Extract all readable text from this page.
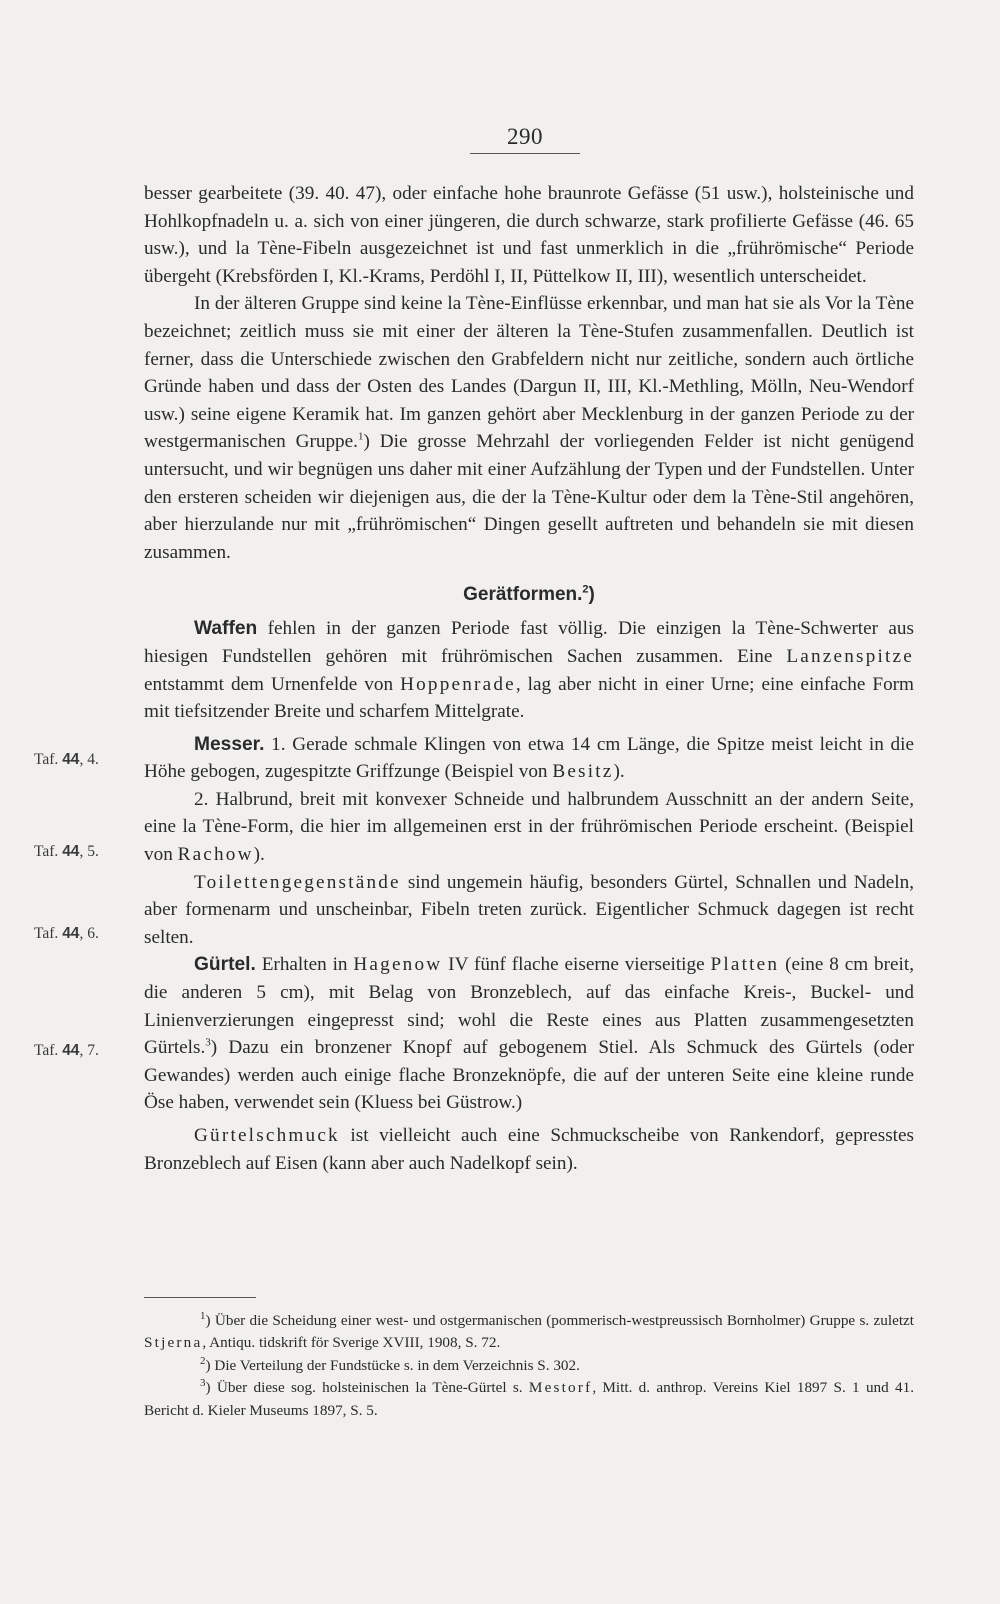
290

besser gearbeitete (39. 40. 47), oder einfache hohe braunrote Gefässe (51 usw.), holsteinische und Hohlkopfnadeln u. a. sich von einer jüngeren, die durch schwarze, stark profilierte Gefässe (46. 65 usw.), und la Tène-Fibeln ausgezeichnet ist und fast unmerklich in die „frührömische“ Periode übergeht (Krebsförden I, Kl.-Krams, Perdöhl I, II, Püttelkow II, III), wesentlich unterscheidet.

In der älteren Gruppe sind keine la Tène-Einflüsse erkennbar, und man hat sie als Vor la Tène bezeichnet; zeitlich muss sie mit einer der älteren la Tène-Stufen zusammenfallen. Deutlich ist ferner, dass die Unterschiede zwischen den Grabfeldern nicht nur zeitliche, sondern auch örtliche Gründe haben und dass der Osten des Landes (Dargun II, III, Kl.-Methling, Mölln, Neu-Wendorf usw.) seine eigene Keramik hat. Im ganzen gehört aber Mecklenburg in der ganzen Periode zu der westgermanischen Gruppe.$^1$) Die grosse Mehrzahl der vorliegenden Felder ist nicht genügend untersucht, und wir begnügen uns daher mit einer Aufzählung der Typen und der Fundstellen. Unter den ersteren scheiden wir diejenigen aus, die der la Tène-Kultur oder dem la Tène-Stil angehören, aber hierzulande nur mit „frührömischen“ Dingen gesellt auftreten und behandeln sie mit diesen zusammen.

Gerätformen.$^2$)

Waffen fehlen in der ganzen Periode fast völlig. Die einzigen la Tène-Schwerter aus hiesigen Fundstellen gehören mit frührömischen Sachen zusammen. Eine Lanzenspitze entstammt dem Urnenfelde von Hoppenrade, lag aber nicht in einer Urne; eine einfache Form mit tiefsitzender Breite und scharfem Mittelgrate.

Messer. 1. Gerade schmale Klingen von etwa 14 cm Länge, die Spitze meist leicht in die Höhe gebogen, zugespitzte Griffzunge (Beispiel von Besitz).
2. Halbrund, breit mit konvexer Schneide und halbrundem Ausschnitt an der andern Seite, eine la Tène-Form, die hier im allgemeinen erst in der frührömischen Periode erscheint. (Beispiel von Rachow).

Toilettengegenstände sind ungemein häufig, besonders Gürtel, Schnallen und Nadeln, aber formenarm und unscheinbar, Fibeln treten zurück. Eigentlicher Schmuck dagegen ist recht selten.

Gürtel. Erhalten in Hagenow IV fünf flache eiserne vierseitige Platten (eine 8 cm breit, die anderen 5 cm), mit Belag von Bronzeblech, auf das einfache Kreis-, Buckel- und Linienverzierungen eingepresst sind; wohl die Reste eines aus Platten zusammengesetzten Gürtels.$^3$) Dazu ein bronzener Knopf auf gebogenem Stiel. Als Schmuck des Gürtels (oder Gewandes) werden auch einige flache Bronzeknöpfe, die auf der unteren Seite eine kleine runde Öse haben, verwendet sein (Kluess bei Güstrow.)

Gürtelschmuck ist vielleicht auch eine Schmuckscheibe von Rankendorf, gepresstes Bronzeblech auf Eisen (kann aber auch Nadelkopf sein).

Taf. 44, 4.
Taf. 44, 5.
Taf. 44, 6.
Taf. 44, 7.

$^1$) Über die Scheidung einer west- und ostgermanischen (pommerisch-westpreussisch Bornholmer) Gruppe s. zuletzt Stjerna, Antiqu. tidskrift för Sverige XVIII, 1908, S. 72.

$^2$) Die Verteilung der Fundstücke s. in dem Verzeichnis S. 302.

$^3$) Über diese sog. holsteinischen la Tène-Gürtel s. Mestorf, Mitt. d. anthrop. Vereins Kiel 1897 S. 1 und 41. Bericht d. Kieler Museums 1897, S. 5.
